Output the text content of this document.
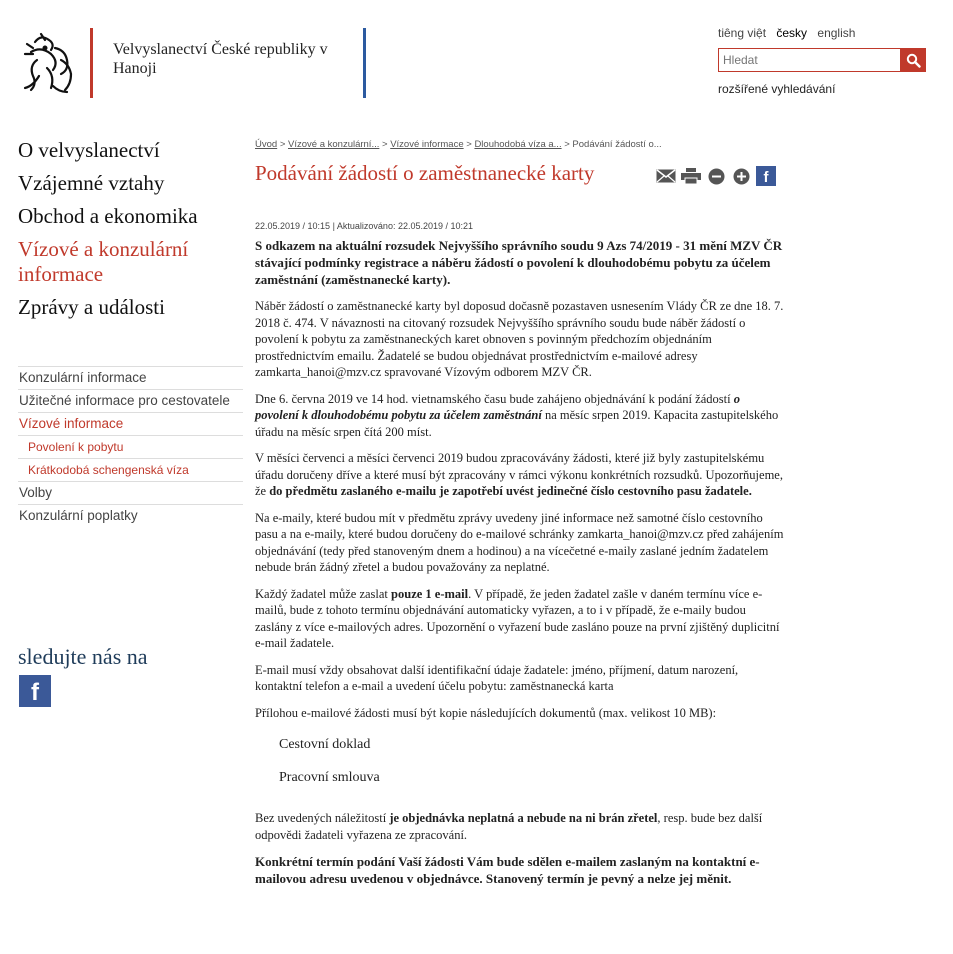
Velvyslanectví České republiky v Hanoji
tiêng việt česky english
Hledat
rozšířené vyhledávání
O velvyslanectví
Vzájemné vztahy
Obchod a ekonomika
Vízové a konzulární informace
Zprávy a události
Konzulární informace
Užitečné informace pro cestovatele
Vízové informace
Povolení k pobytu
Krátkodobá schengenská víza
Volby
Konzulární poplatky
sledujte nás na
f
Úvod > Vízové a konzulární... > Vízové informace > Dlouhodobá víza a... > Podávání žádostí o...
Podávání žádostí o zaměstnanecké karty	f
22.05.2019 / 10:15 | Aktualizováno: 22.05.2019 / 10:21

S odkazem na aktuální rozsudek Nejvyššího správního soudu 9 Azs 74/2019 - 31 mění MZV ČR stávající podmínky registrace a náběru žádostí o povolení k dlouhodobému pobytu za účelem zaměstnání (zaměstnanecké karty).

Náběr žádostí o zaměstnanecké karty byl doposud dočasně pozastaven usnesením Vlády ČR ze dne 18. 7. 2018 č. 474. V návaznosti na citovaný rozsudek Nejvyššího správního soudu bude náběr žádostí o povolení k pobytu za zaměstnaneckých karet obnoven s povinným předchozím objednáním prostřednictvím emailu. Žadatelé se budou objednávat prostřednictvím e-mailové adresy zamkarta_hanoi@mzv.cz spravované Vízovým odborem MZV ČR.

Dne 6. června 2019 ve 14 hod. vietnamského času bude zahájeno objednávání k podání žádostí o povolení k dlouhodobému pobytu za účelem zaměstnání na měsíc srpen 2019. Kapacita zastupitelského úřadu na měsíc srpen čítá 200 míst.

V měsíci červenci a měsíci červenci 2019 budou zpracovávány žádosti, které již byly zastupitelskému úřadu doručeny dříve a které musí být zpracovány v rámci výkonu konkrétních rozsudků. Upozorňujeme, že do předmětu zaslaného e-mailu je zapotřebí uvést jedinečné číslo cestovního pasu žadatele.

Na e-maily, které budou mít v předmětu zprávy uvedeny jiné informace než samotné číslo cestovního pasu a na e-maily, které budou doručeny do e-mailové schránky zamkarta_hanoi@mzv.cz před zahájením objednávání (tedy před stanoveným dnem a hodinou) a na vícečetné e-maily zaslané jedním žadatelem nebude brán žádný zřetel a budou považovány za neplatné.

Každý žadatel může zaslat pouze 1 e-mail. V případě, že jeden žadatel zašle v daném termínu více e-mailů, bude z tohoto termínu objednávání automaticky vyřazen, a to i v případě, že e-maily budou zaslány z více e-mailových adres. Upozornění o vyřazení bude zasláno pouze na první zjištěný duplicitní e-mail žadatele.

E-mail musí vždy obsahovat další identifikační údaje žadatele: jméno, příjmení, datum narození, kontaktní telefon a e-mail a uvedení účelu pobytu: zaměstnanecká karta

Přílohou e-mailové žádosti musí být kopie následujících dokumentů (max. velikost 10 MB):

Cestovní doklad
Pracovní smlouva

Bez uvedených náležitostí je objednávka neplatná a nebude na ni brán zřetel, resp. bude bez další odpovědi žadateli vyřazena ze zpracování.

Konkrétní termín podání Vaší žádosti Vám bude sdělen e-mailem zaslaným na kontaktní e-mailovou adresu uvedenou v objednávce. Stanovený termín je pevný a nelze jej měnit.
